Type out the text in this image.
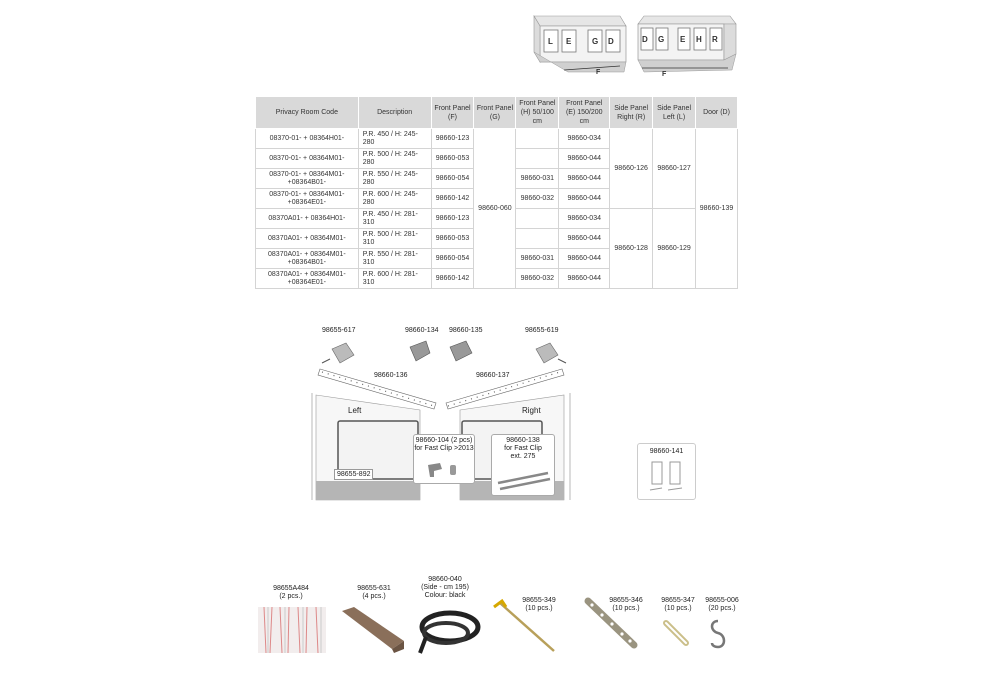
L E	G D
F
D G E H R
F
Privacy Room Code	Description	Front Panel (F)	Front Panel (G)	Front Panel (H) 50/100 cm	Front Panel (E) 150/200 cm	Side Panel Right (R)	Side Panel Left (L)	Door (D)
08370-01- + 08364H01-	P.R. 450 / H: 245-280	98660-123	98660-060		98660-034	98660-126	98660-127	98660-139
08370-01- + 08364M01-	P.R. 500 / H: 245-280	98660-053			98660-044			
08370-01- + 08364M01- +08364B01-	P.R. 550 / H: 245-280	98660-054		98660-031	98660-044			
08370-01- + 08364M01- +08364E01-	P.R. 600 / H: 245-280	98660-142		98660-032	98660-044			
08370A01- + 08364H01-	P.R. 450 / H: 281-310	98660-123			98660-034	98660-128	98660-129	
08370A01- + 08364M01-	P.R. 500 / H: 281-310	98660-053			98660-044			
08370A01- + 08364M01- +08364B01-	P.R. 550 / H: 281-310	98660-054		98660-031	98660-044			
08370A01- + 08364M01- +08364E01-	P.R. 600 / H: 281-310	98660-142		98660-032	98660-044			
98655-617	98660-134 98660-135	98655-619
98660-136	98660-137
Left	Right
98655-892
98660-104 (2 pcs)
for Fast Clip >2013
98660-138
for Fast Clip
ext. 275
98660-141
98655A484
(2 pcs.)
98655-631
(4 pcs.)
98660-040
(Side - cm 195)
Colour: black
98655-349
(10 pcs.)
98655-346
(10 pcs.)
98655-347
(10 pcs.)
98655-006
(20 pcs.)
